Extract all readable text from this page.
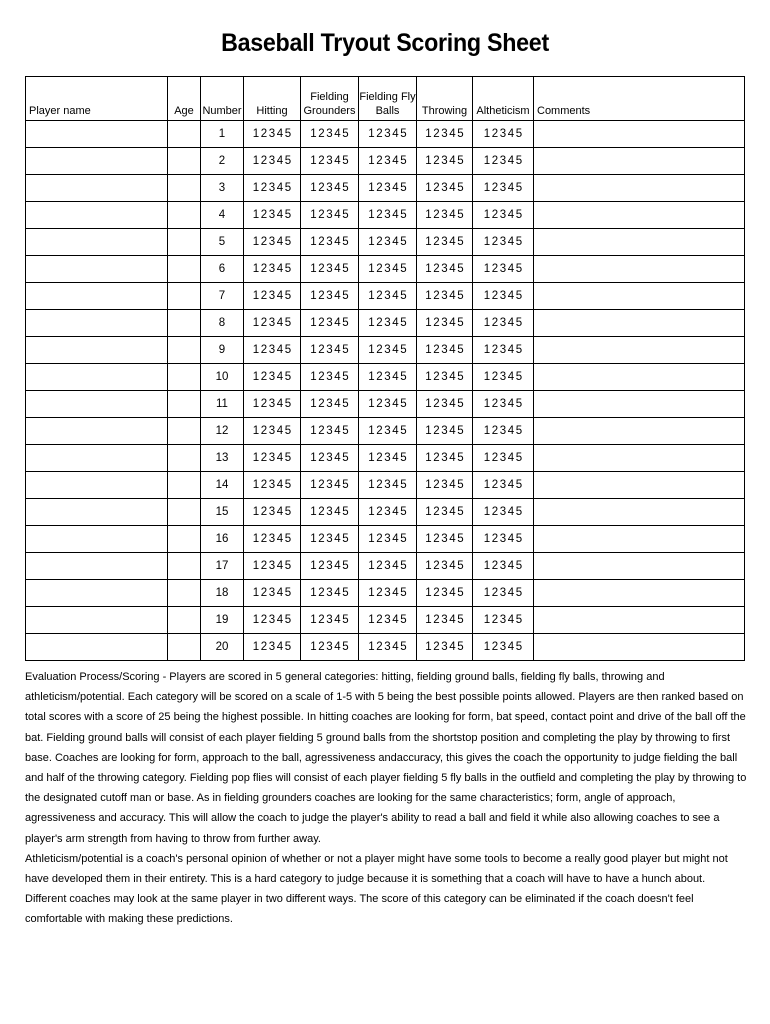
Baseball Tryout Scoring Sheet
Player name	Age	Number	Hitting	Fielding Grounders	Fielding Fly Balls	Throwing	Altheticism	Comments
		1	12345	12345	12345	12345	12345	
		2	12345	12345	12345	12345	12345	
		3	12345	12345	12345	12345	12345	
		4	12345	12345	12345	12345	12345	
		5	12345	12345	12345	12345	12345	
		6	12345	12345	12345	12345	12345	
		7	12345	12345	12345	12345	12345	
		8	12345	12345	12345	12345	12345	
		9	12345	12345	12345	12345	12345	
		10	12345	12345	12345	12345	12345	
		11	12345	12345	12345	12345	12345	
		12	12345	12345	12345	12345	12345	
		13	12345	12345	12345	12345	12345	
		14	12345	12345	12345	12345	12345	
		15	12345	12345	12345	12345	12345	
		16	12345	12345	12345	12345	12345	
		17	12345	12345	12345	12345	12345	
		18	12345	12345	12345	12345	12345	
		19	12345	12345	12345	12345	12345	
		20	12345	12345	12345	12345	12345	

Evaluation Process/Scoring - Players are scored in 5 general categories: hitting, fielding ground balls, fielding fly balls, throwing and athleticism/potential. Each category will be scored on a scale of 1-5 with 5 being the best possible points allowed. Players are then ranked based on total scores with a score of 25 being the highest possible. In hitting coaches are looking for form, bat speed, contact point and drive of the ball off the bat. Fielding ground balls will consist of each player fielding 5 ground balls from the shortstop position and completing the play by throwing to first base. Coaches are looking for form, approach to the ball, agressiveness andaccuracy, this gives the coach the opportunity to judge fielding the ball and half of the throwing category. Fielding pop flies will consist of each player fielding 5 fly balls in the outfield and completing the play by throwing to the designated cutoff man or base. As in fielding grounders coaches are looking for the same characteristics; form, angle of approach, agressiveness and accuracy. This will allow the coach to judge the player's ability to read a ball and field it while also allowing coaches to see a player's arm strength from having to throw from further away.

Athleticism/potential is a coach's personal opinion of whether or not a player might have some tools to become a really good player but might not have developed them in their entirety. This is a hard category to judge because it is something that a coach will have to have a hunch about. Different coaches may look at the same player in two different ways. The score of this category can be eliminated if the coach doesn't feel comfortable with making these predictions.
